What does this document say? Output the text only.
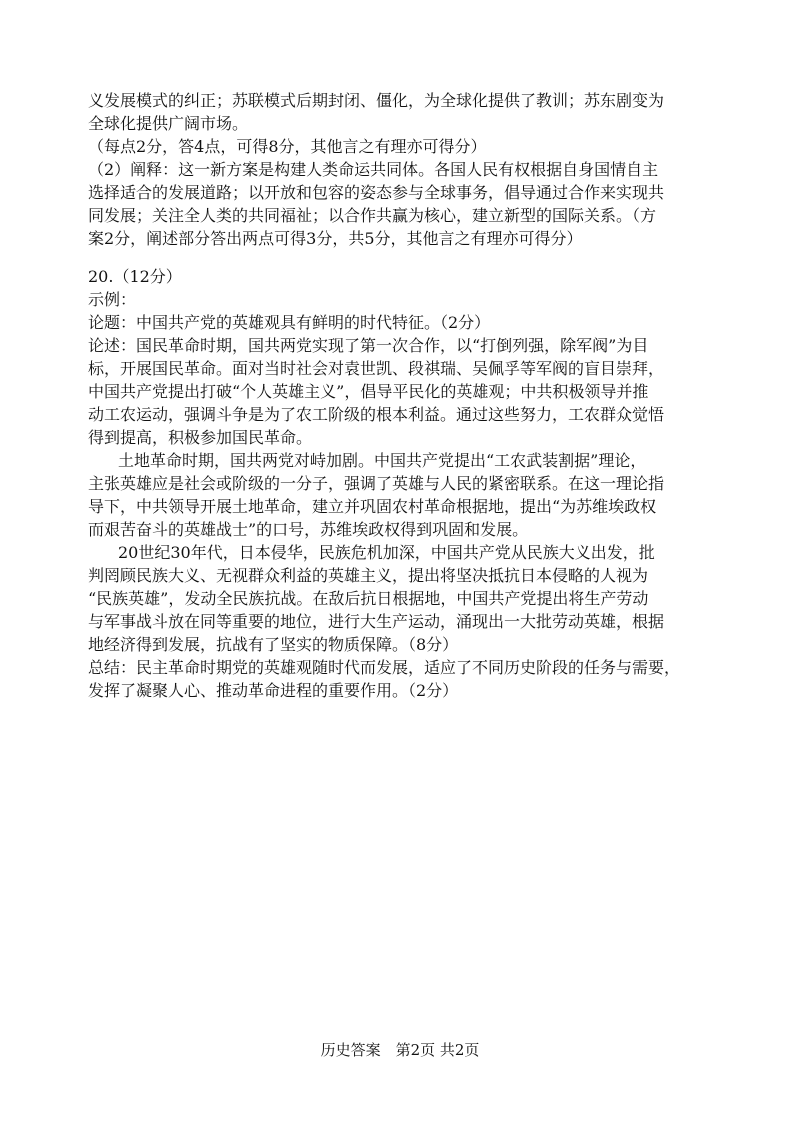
义发展模式的纠正；苏联模式后期封闭、僵化，为全球化提供了教训；苏东剧变为
全球化提供广阔市场。
（每点2分，答4点，可得8分，其他言之有理亦可得分）
（2）阐释：这一新方案是构建人类命运共同体。各国人民有权根据自身国情自主
选择适合的发展道路；以开放和包容的姿态参与全球事务，倡导通过合作来实现共
同发展；关注全人类的共同福祉；以合作共赢为核心，建立新型的国际关系。（方
案2分，阐述部分答出两点可得3分，共5分，其他言之有理亦可得分）
20.（12分）
示例：
论题：中国共产党的英雄观具有鲜明的时代特征。（2分）
论述：国民革命时期，国共两党实现了第一次合作，以“打倒列强，除军阀”为目
标，开展国民革命。面对当时社会对袁世凯、段祺瑞、吴佩孚等军阀的盲目崇拜，
中国共产党提出打破“个人英雄主义”，倡导平民化的英雄观；中共积极领导并推
动工农运动，强调斗争是为了农工阶级的根本利益。通过这些努力，工农群众觉悟
得到提高，积极参加国民革命。
土地革命时期，国共两党对峙加剧。中国共产党提出“工农武装割据”理论，
主张英雄应是社会或阶级的一分子，强调了英雄与人民的紧密联系。在这一理论指
导下，中共领导开展土地革命，建立并巩固农村革命根据地，提出“为苏维埃政权
而艰苦奋斗的英雄战士”的口号，苏维埃政权得到巩固和发展。
20世纪30年代，日本侵华，民族危机加深，中国共产党从民族大义出发，批
判罔顾民族大义、无视群众利益的英雄主义，提出将坚决抵抗日本侵略的人视为
“民族英雄”，发动全民族抗战。在敌后抗日根据地，中国共产党提出将生产劳动
与军事战斗放在同等重要的地位，进行大生产运动，涌现出一大批劳动英雄，根据
地经济得到发展，抗战有了坚实的物质保障。（8分）
总结：民主革命时期党的英雄观随时代而发展，适应了不同历史阶段的任务与需要，
发挥了凝聚人心、推动革命进程的重要作用。（2分）
历史答案　第2页 共2页
